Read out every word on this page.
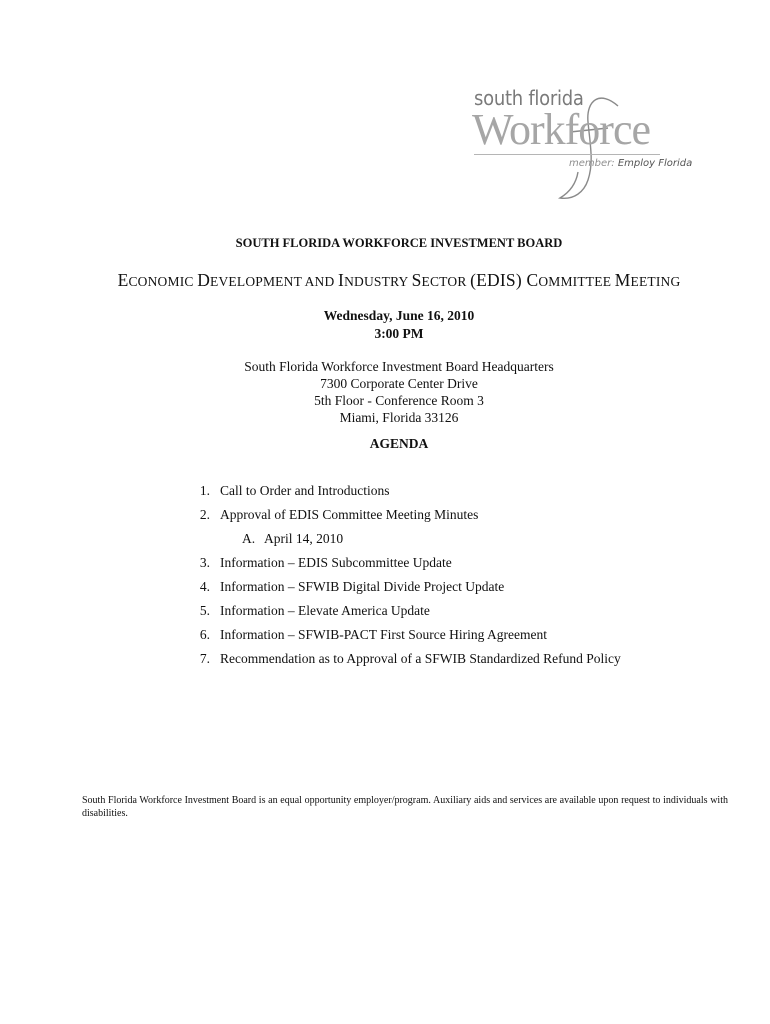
south florida
Workforce
member: Employ Florida
SOUTH FLORIDA WORKFORCE INVESTMENT BOARD
ECONOMIC DEVELOPMENT AND INDUSTRY SECTOR (EDIS) COMMITTEE MEETING
Wednesday, June 16, 2010
3:00 PM
South Florida Workforce Investment Board Headquarters
7300 Corporate Center Drive
5th Floor - Conference Room 3
Miami, Florida 33126
AGENDA
1. Call to Order and Introductions
2. Approval of EDIS Committee Meeting Minutes
A. April 14, 2010
3. Information – EDIS Subcommittee Update
4. Information – SFWIB Digital Divide Project Update
5. Information – Elevate America Update
6. Information – SFWIB-PACT First Source Hiring Agreement
7. Recommendation as to Approval of a SFWIB Standardized Refund Policy
South Florida Workforce Investment Board is an equal opportunity employer/program. Auxiliary aids and services are available upon request to individuals with disabilities.
